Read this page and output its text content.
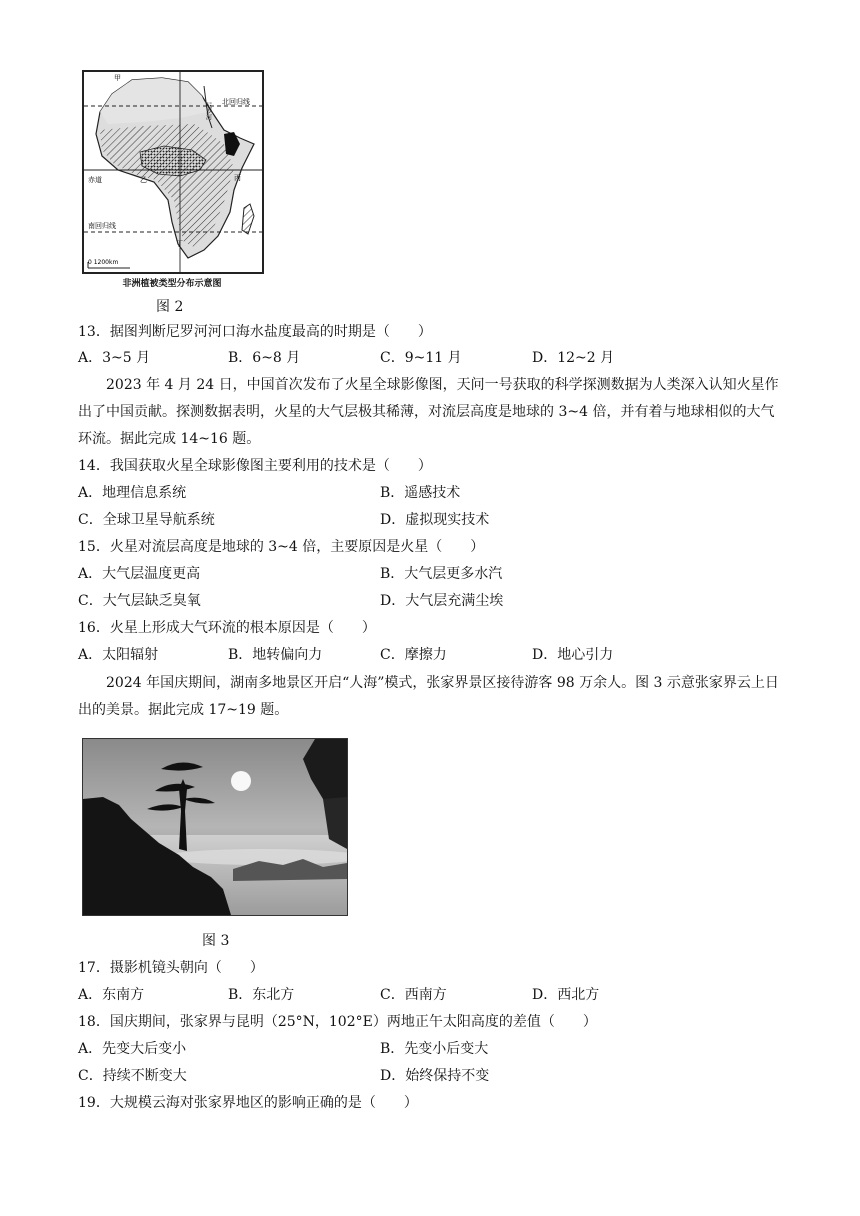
甲
尼罗河 北回归线
赤道	乙	丙
南回归线
丁
0 1200km
非洲植被类型分布示意图
图 2
13．据图判断尼罗河河口海水盐度最高的时期是（　　）
A．3~5 月	B．6~8 月	C．9~11 月	D．12~2 月
2023 年 4 月 24 日，中国首次发布了火星全球影像图，天问一号获取的科学探测数据为人类深入认知火星作出了中国贡献。探测数据表明，火星的大气层极其稀薄，对流层高度是地球的 3~4 倍，并有着与地球相似的大气环流。据此完成 14~16 题。
14．我国获取火星全球影像图主要利用的技术是（　　）
A．地理信息系统	B．遥感技术
C．全球卫星导航系统	D．虚拟现实技术
15．火星对流层高度是地球的 3~4 倍，主要原因是火星（　　）
A．大气层温度更高	B．大气层更多水汽
C．大气层缺乏臭氧	D．大气层充满尘埃
16．火星上形成大气环流的根本原因是（　　）
A．太阳辐射	B．地转偏向力	C．摩擦力	D．地心引力
2024 年国庆期间，湖南多地景区开启“人海”模式，张家界景区接待游客 98 万余人。图 3 示意张家界云上日出的美景。据此完成 17~19 题。
图 3
17．摄影机镜头朝向（　　）
A．东南方	B．东北方	C．西南方	D．西北方
18．国庆期间，张家界与昆明（25°N，102°E）两地正午太阳高度的差值（　　）
A．先变大后变小	B．先变小后变大
C．持续不断变大	D．始终保持不变
19．大规模云海对张家界地区的影响正确的是（　　）
